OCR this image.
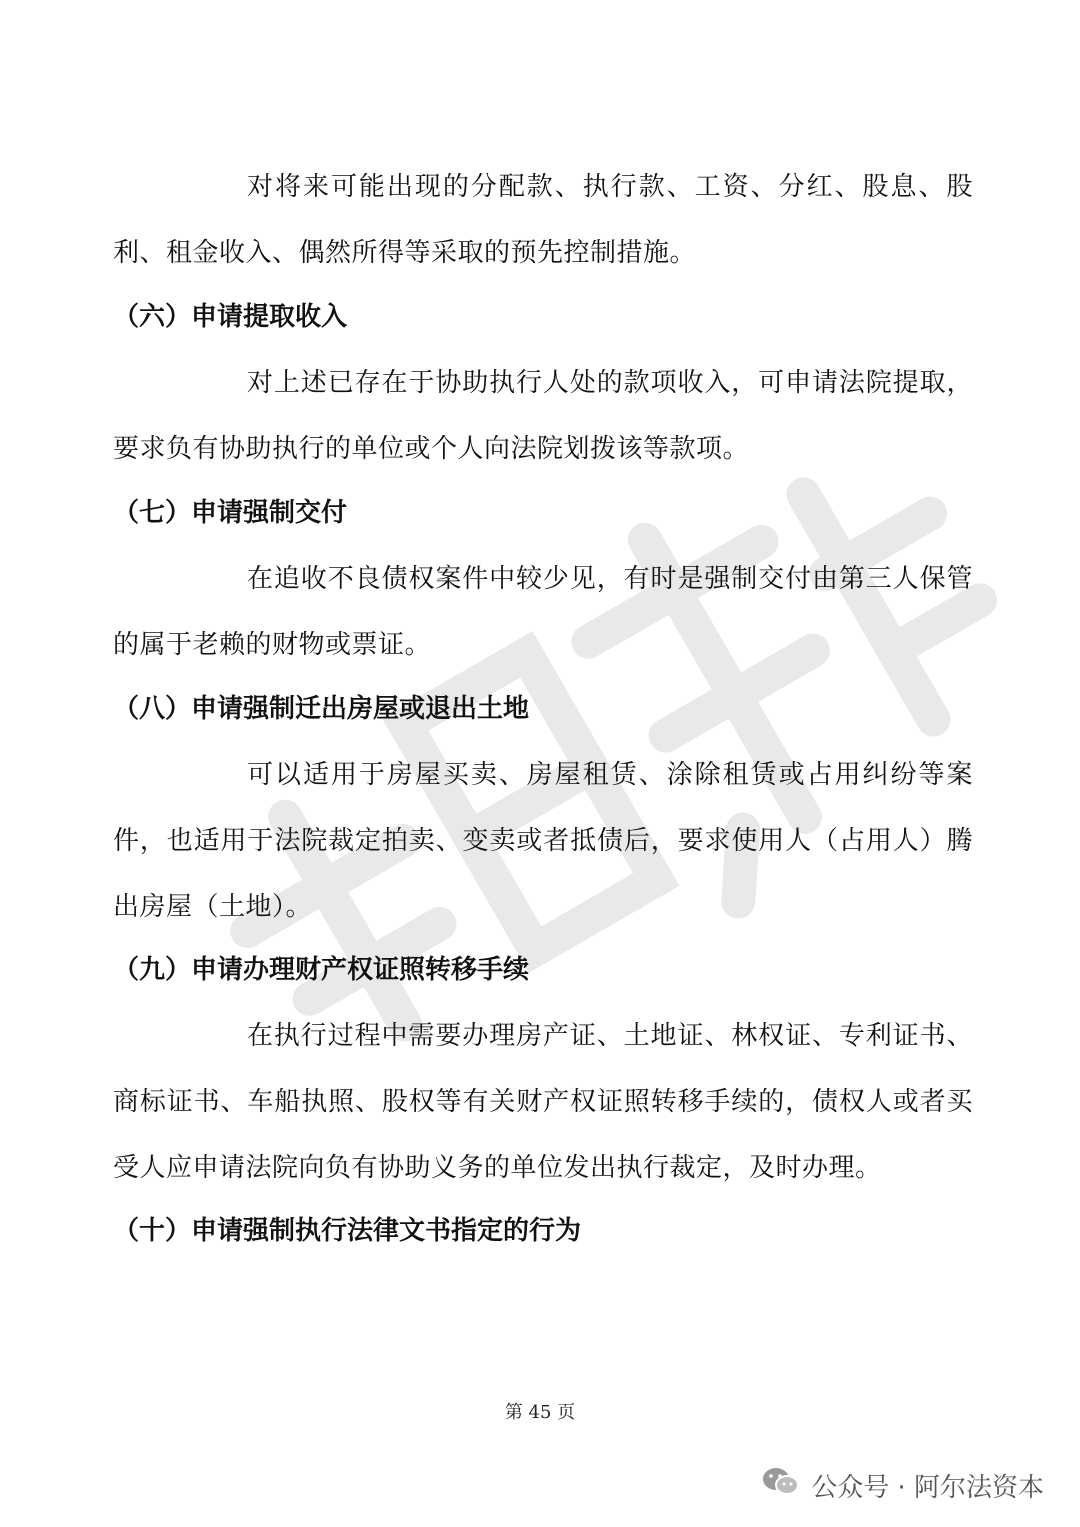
对将来可能出现的分配款、执行款、工资、分红、股息、股利、租金收入、偶然所得等采取的预先控制措施。

（六）申请提取收入

对上述已存在于协助执行人处的款项收入，可申请法院提取，要求负有协助执行的单位或个人向法院划拨该等款项。

（七）申请强制交付

在追收不良债权案件中较少见，有时是强制交付由第三人保管的属于老赖的财物或票证。

（八）申请强制迁出房屋或退出土地

可以适用于房屋买卖、房屋租赁、涂除租赁或占用纠纷等案件，也适用于法院裁定拍卖、变卖或者抵债后，要求使用人（占用人）腾出房屋（土地）。

（九）申请办理财产权证照转移手续

在执行过程中需要办理房产证、土地证、林权证、专利证书、商标证书、车船执照、股权等有关财产权证照转移手续的，债权人或者买受人应申请法院向负有协助义务的单位发出执行裁定，及时办理。

（十）申请强制执行法律文书指定的行为
第 45 页
公众号 · 阿尔法资本
